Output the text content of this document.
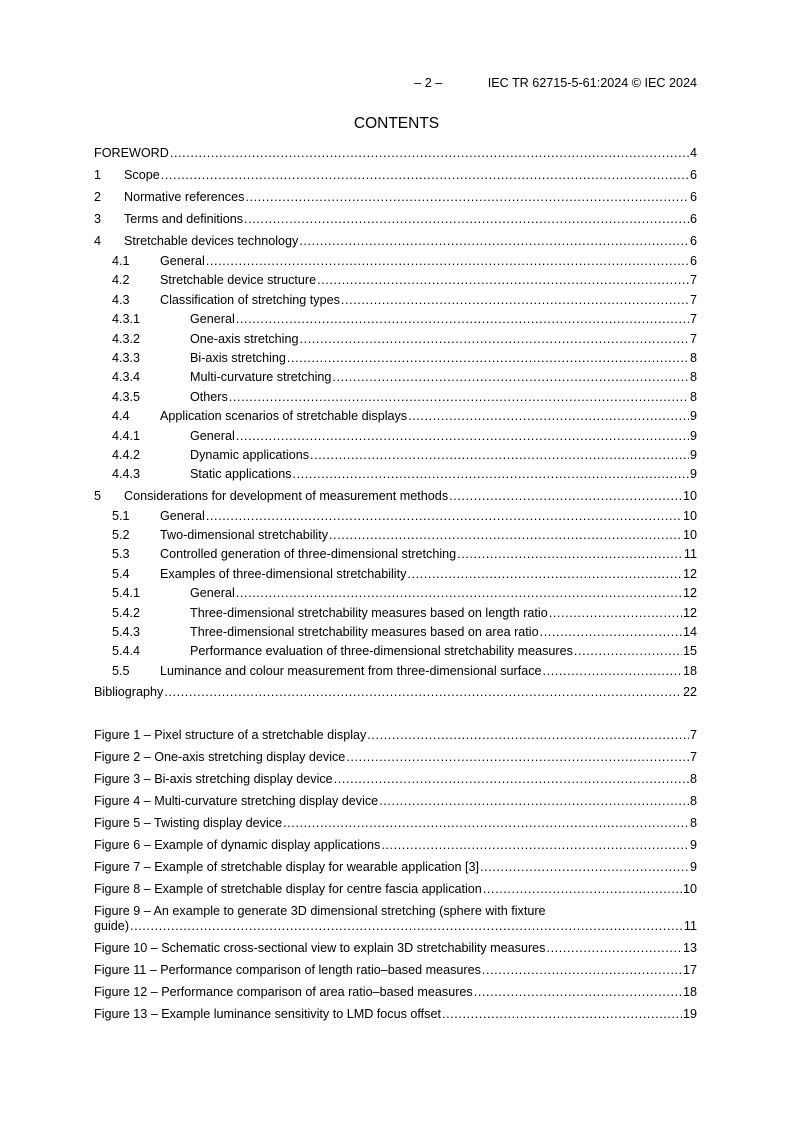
– 2 –	IEC TR 62715-5-61:2024 © IEC 2024
CONTENTS
FOREWORD .....	4
1	Scope .....	6
2	Normative references .....	6
3	Terms and definitions .....	6
4	Stretchable devices technology .....	6
4.1	General .....	6
4.2	Stretchable device structure .....	7
4.3	Classification of stretching types .....	7
4.3.1	General .....	7
4.3.2	One-axis stretching .....	7
4.3.3	Bi-axis stretching .....	8
4.3.4	Multi-curvature stretching .....	8
4.3.5	Others .....	8
4.4	Application scenarios of stretchable displays .....	9
4.4.1	General .....	9
4.4.2	Dynamic applications .....	9
4.4.3	Static applications .....	9
5	Considerations for development of measurement methods .....	10
5.1	General .....	10
5.2	Two-dimensional stretchability .....	10
5.3	Controlled generation of three-dimensional stretching .....	11
5.4	Examples of three-dimensional stretchability .....	12
5.4.1	General .....	12
5.4.2	Three-dimensional stretchability measures based on length ratio .....	12
5.4.3	Three-dimensional stretchability measures based on area ratio .....	14
5.4.4	Performance evaluation of three-dimensional stretchability measures .....	15
5.5	Luminance and colour measurement from three-dimensional surface .....	18
Bibliography .....	22
Figure 1 – Pixel structure of a stretchable display .....	7
Figure 2 – One-axis stretching display device .....	7
Figure 3 – Bi-axis stretching display device .....	8
Figure 4 – Multi-curvature stretching display device .....	8
Figure 5 – Twisting display device .....	8
Figure 6 – Example of dynamic display applications .....	9
Figure 7 – Example of stretchable display for wearable application [3] .....	9
Figure 8 – Example of stretchable display for centre fascia application .....	10
Figure 9 – An example to generate 3D dimensional stretching (sphere with fixture
guide) .....	11
Figure 10 – Schematic cross-sectional view to explain 3D stretchability measures .....	13
Figure 11 – Performance comparison of length ratio–based measures .....	17
Figure 12 – Performance comparison of area ratio–based measures .....	18
Figure 13 – Example luminance sensitivity to LMD focus offset .....	19
